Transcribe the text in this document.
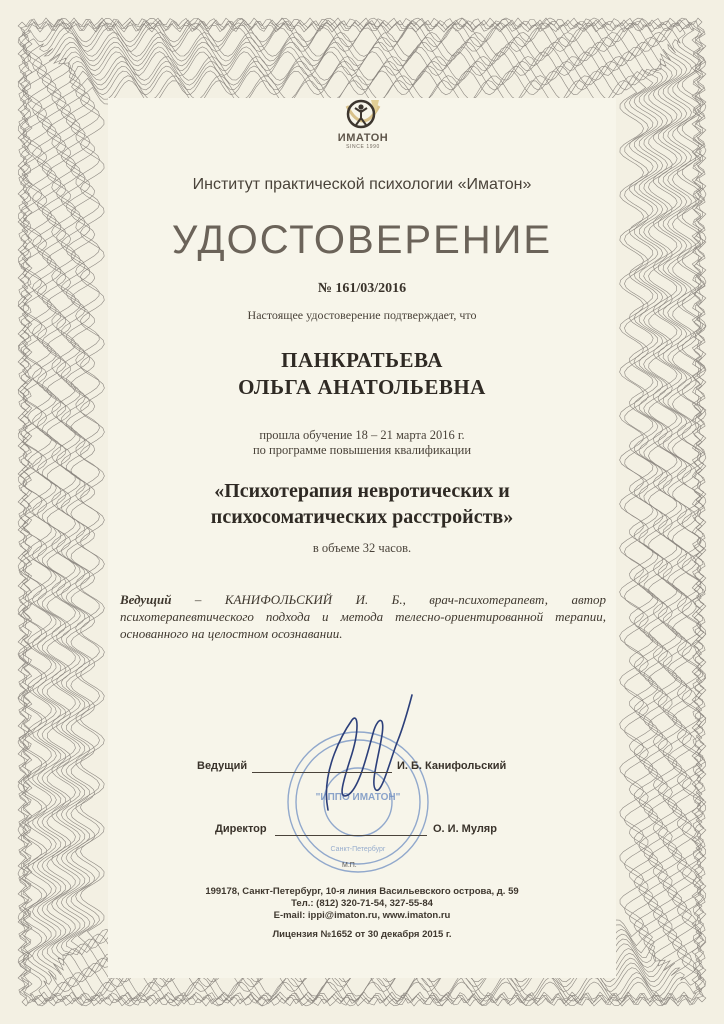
ИМАТОН
SINCE 1990
Институт практической психологии «Иматон»
УДОСТОВЕРЕНИЕ
№ 161/03/2016
Настоящее удостоверение подтверждает, что
ПАНКРАТЬЕВА
ОЛЬГА АНАТОЛЬЕВНА
прошла обучение 18 – 21 марта 2016 г.
по программе повышения квалификации
«Психотерапия невротических и
психосоматических расстройств»
в объеме 32 часов.
Ведущий – КАНИФОЛЬСКИЙ И. Б., врач-психотерапевт, автор психотерапевтического подхода и метода телесно-ориентированной терапии, основанного на целостном осознавании.
"ИППО ИМАТОН"
Санкт-Петербург
Ведущий	И. Б. Канифольский
Директор	О. И. Муляр
М.П.
199178, Санкт-Петербург, 10-я линия Васильевского острова, д. 59
Тел.: (812) 320-71-54, 327-55-84
E-mail: ippi@imaton.ru, www.imaton.ru
Лицензия №1652 от 30 декабря 2015 г.
